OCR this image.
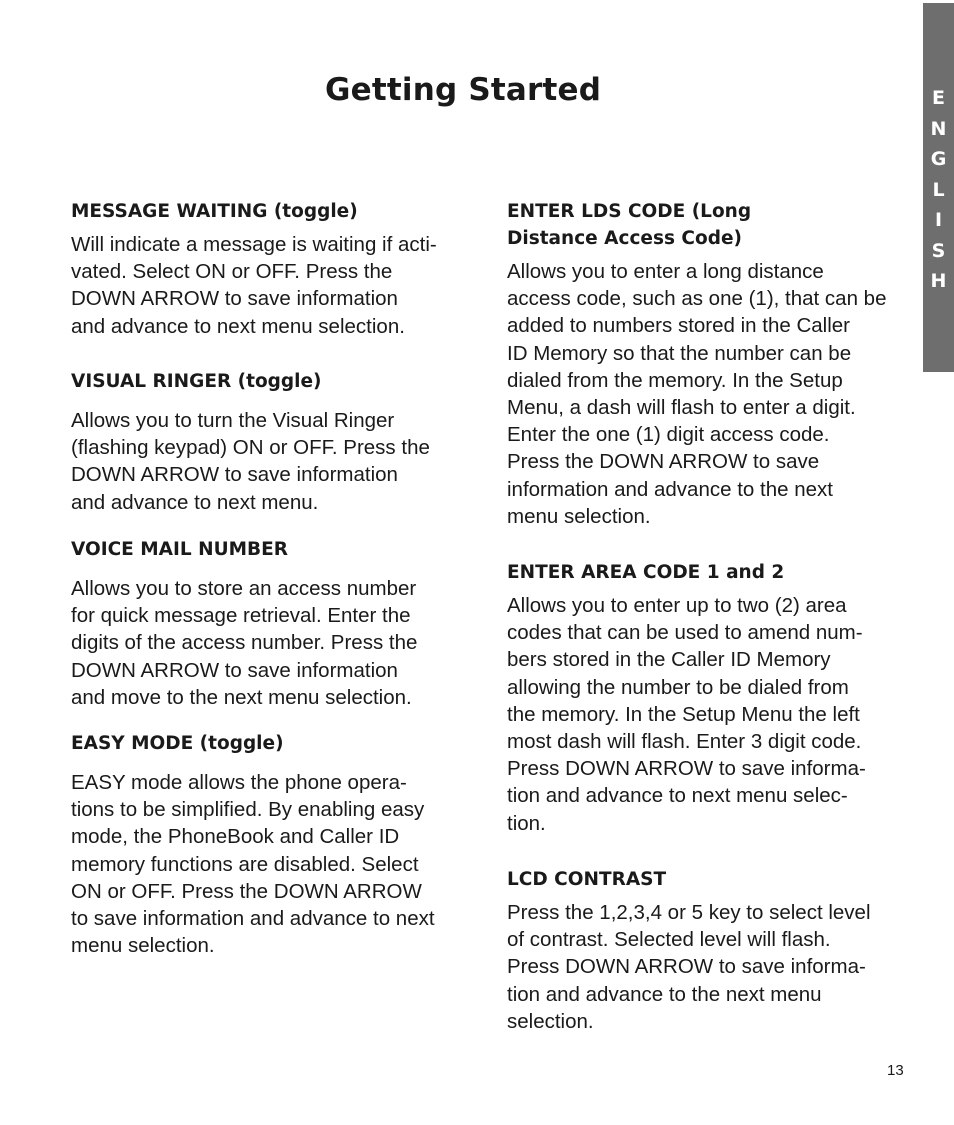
Getting Started	E
N
G
L
I
S
H
MESSAGE WAITING (toggle)
Will indicate a message is waiting if acti-
vated. Select ON or OFF. Press the
DOWN ARROW to save information
and advance to next menu selection.
VISUAL RINGER (toggle)
Allows you to turn the Visual Ringer
(flashing keypad) ON or OFF. Press the
DOWN ARROW to save information
and advance to next menu.
VOICE MAIL NUMBER
Allows you to store an access number
for quick message retrieval. Enter the
digits of the access number. Press the
DOWN ARROW to save information
and move to the next menu selection.
EASY MODE (toggle)
EASY mode allows the phone opera-
tions to be simplified. By enabling easy
mode, the PhoneBook and Caller ID
memory functions are disabled. Select
ON or OFF. Press the DOWN ARROW
to save information and advance to next
menu selection.
ENTER LDS CODE (Long
Distance Access Code)
Allows you to enter a long distance
access code, such as one (1), that can be
added to numbers stored in the Caller
ID Memory so that the number can be
dialed from the memory. In the Setup
Menu, a dash will flash to enter a digit.
Enter the one (1) digit access code.
Press the DOWN ARROW to save
information and advance to the next
menu selection.
ENTER AREA CODE 1 and 2
Allows you to enter up to two (2) area
codes that can be used to amend num-
bers stored in the Caller ID Memory
allowing the number to be dialed from
the memory. In the Setup Menu the left
most dash will flash. Enter 3 digit code.
Press DOWN ARROW to save informa-
tion and advance to next menu selec-
tion.
LCD CONTRAST
Press the 1,2,3,4 or 5 key to select level
of contrast. Selected level will flash.
Press DOWN ARROW to save informa-
tion and advance to the next menu
selection.
13
